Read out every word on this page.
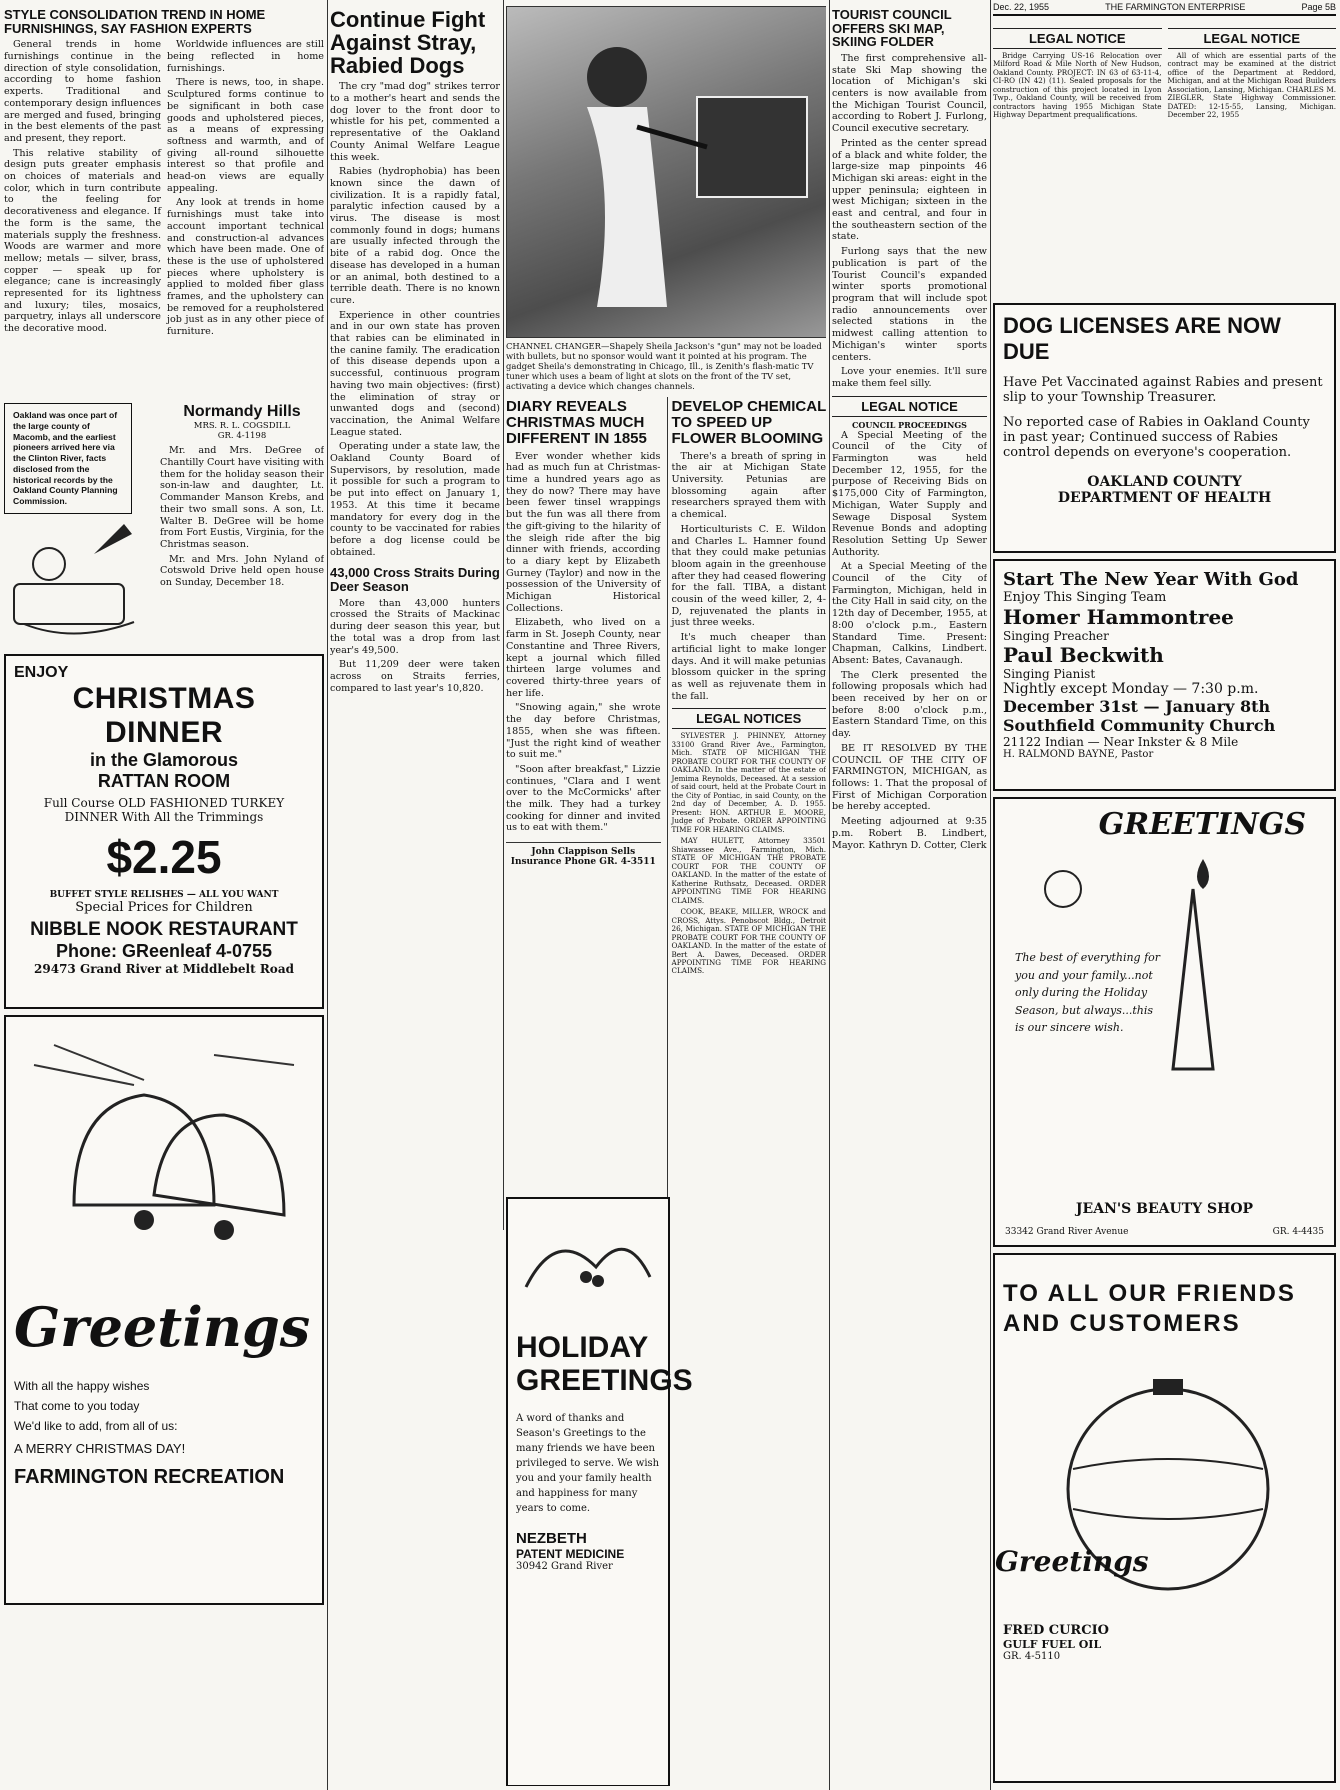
Dec. 22, 1955	THE FARMINGTON ENTERPRISE	Page 5B
STYLE CONSOLIDATION TREND IN HOME FURNISHINGS, SAY FASHION EXPERTS

General trends in home furnishings continue in the direction of style consolidation, according to home fashion experts. Traditional and contemporary design influences are merged and fused, bringing in the best elements of the past and present, they report.

This relative stability of design puts greater emphasis on choices of materials and color, which in turn contribute to the feeling for decorativeness and elegance. If the form is the same, the materials supply the freshness. Woods are warmer and more mellow; metals — silver, brass, copper — speak up for elegance; cane is increasingly represented for its lightness and luxury; tiles, mosaics, parquetry, inlays all underscore the decorative mood.

Worldwide influences are still being reflected in home furnishings.

There is news, too, in shape. Sculptured forms continue to be significant in both case goods and upholstered pieces, as a means of expressing softness and warmth, and of giving all-round silhouette interest so that profile and head-on views are equally appealing.

Any look at trends in home furnishings must take into account important technical and construction-al advances which have been made. One of these is the use of upholstered pieces where upholstery is applied to molded fiber glass frames, and the upholstery can be removed for a reupholstered job just as in any other piece of furniture.

Oakland was once part of the large county of Macomb, and the earliest pioneers arrived here via the Clinton River, facts disclosed from the historical records by the Oakland County Planning Commission.
Normandy Hills
MRS. R. L. COGSDILL
GR. 4-1198

Mr. and Mrs. DeGree of Chantilly Court have visiting with them for the holiday season their son-in-law and daughter, Lt. Commander Manson Krebs, and their two small sons. A son, Lt. Walter B. DeGree will be home from Fort Eustis, Virginia, for the Christmas season.

Mr. and Mrs. John Nyland of Cotswold Drive held open house on Sunday, December 18.

ENJOY
CHRISTMAS DINNER
in the Glamorous
RATTAN ROOM
Full Course OLD FASHIONED TURKEY DINNER With All the Trimmings
$2.25
BUFFET STYLE RELISHES — ALL YOU WANT
Special Prices for Children
NIBBLE NOOK RESTAURANT
Phone: GReenleaf 4-0755
29473 Grand River at Middlebelt Road
Greetings
With all the happy wishes
That come to you today
We'd like to add, from all of us:
A MERRY CHRISTMAS DAY!
FARMINGTON RECREATION
Continue Fight Against Stray, Rabied Dogs

The cry "mad dog" strikes terror to a mother's heart and sends the dog lover to the front door to whistle for his pet, commented a representative of the Oakland County Animal Welfare League this week.

Rabies (hydrophobia) has been known since the dawn of civilization. It is a rapidly fatal, paralytic infection caused by a virus. The disease is most commonly found in dogs; humans are usually infected through the bite of a rabid dog. Once the disease has developed in a human or an animal, both destined to a terrible death. There is no known cure.

Experience in other countries and in our own state has proven that rabies can be eliminated in the canine family. The eradication of this disease depends upon a successful, continuous program having two main objectives: (first) the elimination of stray or unwanted dogs and (second) vaccination, the Animal Welfare League stated.

Operating under a state law, the Oakland County Board of Supervisors, by resolution, made it possible for such a program to be put into effect on January 1, 1953. At this time it became mandatory for every dog in the county to be vaccinated for rabies before a dog license could be obtained.

43,000 Cross Straits During Deer Season

More than 43,000 hunters crossed the Straits of Mackinac during deer season this year, but the total was a drop from last year's 49,500.

But 11,209 deer were taken across on Straits ferries, compared to last year's 10,820.

CHANNEL CHANGER—Shapely Sheila Jackson's "gun" may not be loaded with bullets, but no sponsor would want it pointed at his program. The gadget Sheila's demonstrating in Chicago, Ill., is Zenith's flash-matic TV tuner which uses a beam of light at slots on the front of the TV set, activating a device which changes channels.
DIARY REVEALS CHRISTMAS MUCH DIFFERENT IN 1855

Ever wonder whether kids had as much fun at Christmas-time a hundred years ago as they do now? There may have been fewer tinsel wrappings but the fun was all there from the gift-giving to the hilarity of the sleigh ride after the big dinner with friends, according to a diary kept by Elizabeth Gurney (Taylor) and now in the possession of the University of Michigan Historical Collections.

Elizabeth, who lived on a farm in St. Joseph County, near Constantine and Three Rivers, kept a journal which filled thirteen large volumes and covered thirty-three years of her life.

"Snowing again," she wrote the day before Christmas, 1855, when she was fifteen. "Just the right kind of weather to suit me."

"Soon after breakfast," Lizzie continues, "Clara and I went over to the McCormicks' after the milk. They had a turkey cooking for dinner and invited us to eat with them."

John Clappison Sells Insurance Phone GR. 4-3511
DEVELOP CHEMICAL TO SPEED UP FLOWER BLOOMING

There's a breath of spring in the air at Michigan State University. Petunias are blossoming again after researchers sprayed them with a chemical.

Horticulturists C. E. Wildon and Charles L. Hamner found that they could make petunias bloom again in the greenhouse after they had ceased flowering for the fall. TIBA, a distant cousin of the weed killer, 2, 4-D, rejuvenated the plants in just three weeks.

It's much cheaper than artificial light to make longer days. And it will make petunias blossom quicker in the spring as well as rejuvenate them in the fall.

LEGAL NOTICES

SYLVESTER J. PHINNEY, Attorney 33100 Grand River Ave., Farmington, Mich. STATE OF MICHIGAN THE PROBATE COURT FOR THE COUNTY OF OAKLAND. In the matter of the estate of Jemima Reynolds, Deceased. At a session of said court, held at the Probate Court in the City of Pontiac, in said County, on the 2nd day of December, A. D. 1955. Present: HON. ARTHUR E. MOORE, Judge of Probate. ORDER APPOINTING TIME FOR HEARING CLAIMS.

MAY HULETT, Attorney 33501 Shiawassee Ave., Farmington, Mich. STATE OF MICHIGAN THE PROBATE COURT FOR THE COUNTY OF OAKLAND. In the matter of the estate of Katherine Ruthsatz, Deceased. ORDER APPOINTING TIME FOR HEARING CLAIMS.

COOK, BEAKE, MILLER, WROCK and CROSS, Attys. Penobscot Bldg., Detroit 26, Michigan. STATE OF MICHIGAN THE PROBATE COURT FOR THE COUNTY OF OAKLAND. In the matter of the estate of Bert A. Dawes, Deceased. ORDER APPOINTING TIME FOR HEARING CLAIMS.

HOLIDAY GREETINGS
A word of thanks and Season's Greetings to the many friends we have been privileged to serve. We wish you and your family health and happiness for many years to come.
NEZBETH
PATENT MEDICINE
30942 Grand River
TOURIST COUNCIL OFFERS SKI MAP, SKIING FOLDER

The first comprehensive all-state Ski Map showing the location of Michigan's ski centers is now available from the Michigan Tourist Council, according to Robert J. Furlong, Council executive secretary.

Printed as the center spread of a black and white folder, the large-size map pinpoints 46 Michigan ski areas: eight in the upper peninsula; eighteen in west Michigan; sixteen in the east and central, and four in the southeastern section of the state.

Furlong says that the new publication is part of the Tourist Council's expanded winter sports promotional program that will include spot radio announcements over selected stations in the midwest calling attention to Michigan's winter sports centers.

Love your enemies. It'll sure make them feel silly.

LEGAL NOTICE
COUNCIL PROCEEDINGS

A Special Meeting of the Council of the City of Farmington was held December 12, 1955, for the purpose of Receiving Bids on $175,000 City of Farmington, Michigan, Water Supply and Sewage Disposal System Revenue Bonds and adopting Resolution Setting Up Sewer Authority.

At a Special Meeting of the Council of the City of Farmington, Michigan, held in the City Hall in said city, on the 12th day of December, 1955, at 8:00 o'clock p.m., Eastern Standard Time. Present: Chapman, Calkins, Lindbert. Absent: Bates, Cavanaugh.

The Clerk presented the following proposals which had been received by her on or before 8:00 o'clock p.m., Eastern Standard Time, on this day.

BE IT RESOLVED BY THE COUNCIL OF THE CITY OF FARMINGTON, MICHIGAN, as follows: 1. That the proposal of First of Michigan Corporation be hereby accepted.

Meeting adjourned at 9:35 p.m. Robert B. Lindbert, Mayor. Kathryn D. Cotter, Clerk

LEGAL NOTICE

Bridge Carrying US-16 Relocation over Milford Road & Mile North of New Hudson, Oakland County. PROJECT: IN 63 of 63-11-4, CI-RO (IN 42) (11). Sealed proposals for the construction of this project located in Lyon Twp., Oakland County, will be received from contractors having 1955 Michigan State Highway Department prequalifications.

LEGAL NOTICE

All of which are essential parts of the contract may be examined at the district office of the Department at Reddord, Michigan, and at the Michigan Road Builders Association, Lansing, Michigan. CHARLES M. ZIEGLER, State Highway Commissioner. DATED: 12-15-55, Lansing, Michigan. December 22, 1955

DOG LICENSES ARE NOW DUE
Have Pet Vaccinated against Rabies and present slip to your Township Treasurer.
No reported case of Rabies in Oakland County in past year; Continued success of Rabies control depends on everyone's cooperation.
OAKLAND COUNTY
DEPARTMENT OF HEALTH
Start The New Year With God
Enjoy This Singing Team
Homer Hammontree
Singing Preacher
Paul Beckwith
Singing Pianist
Nightly except Monday — 7:30 p.m.
December 31st — January 8th
Southfield Community Church
21122 Indian — Near Inkster & 8 Mile
H. RALMOND BAYNE, Pastor
GREETINGS
The best of everything for you and your family...not only during the Holiday Season, but always...this is our sincere wish.
JEAN'S BEAUTY SHOP
33342 Grand River Avenue	GR. 4-4435
TO ALL OUR FRIENDS AND CUSTOMERS
Greetings
FRED CURCIO
GULF FUEL OIL
GR. 4-5110
